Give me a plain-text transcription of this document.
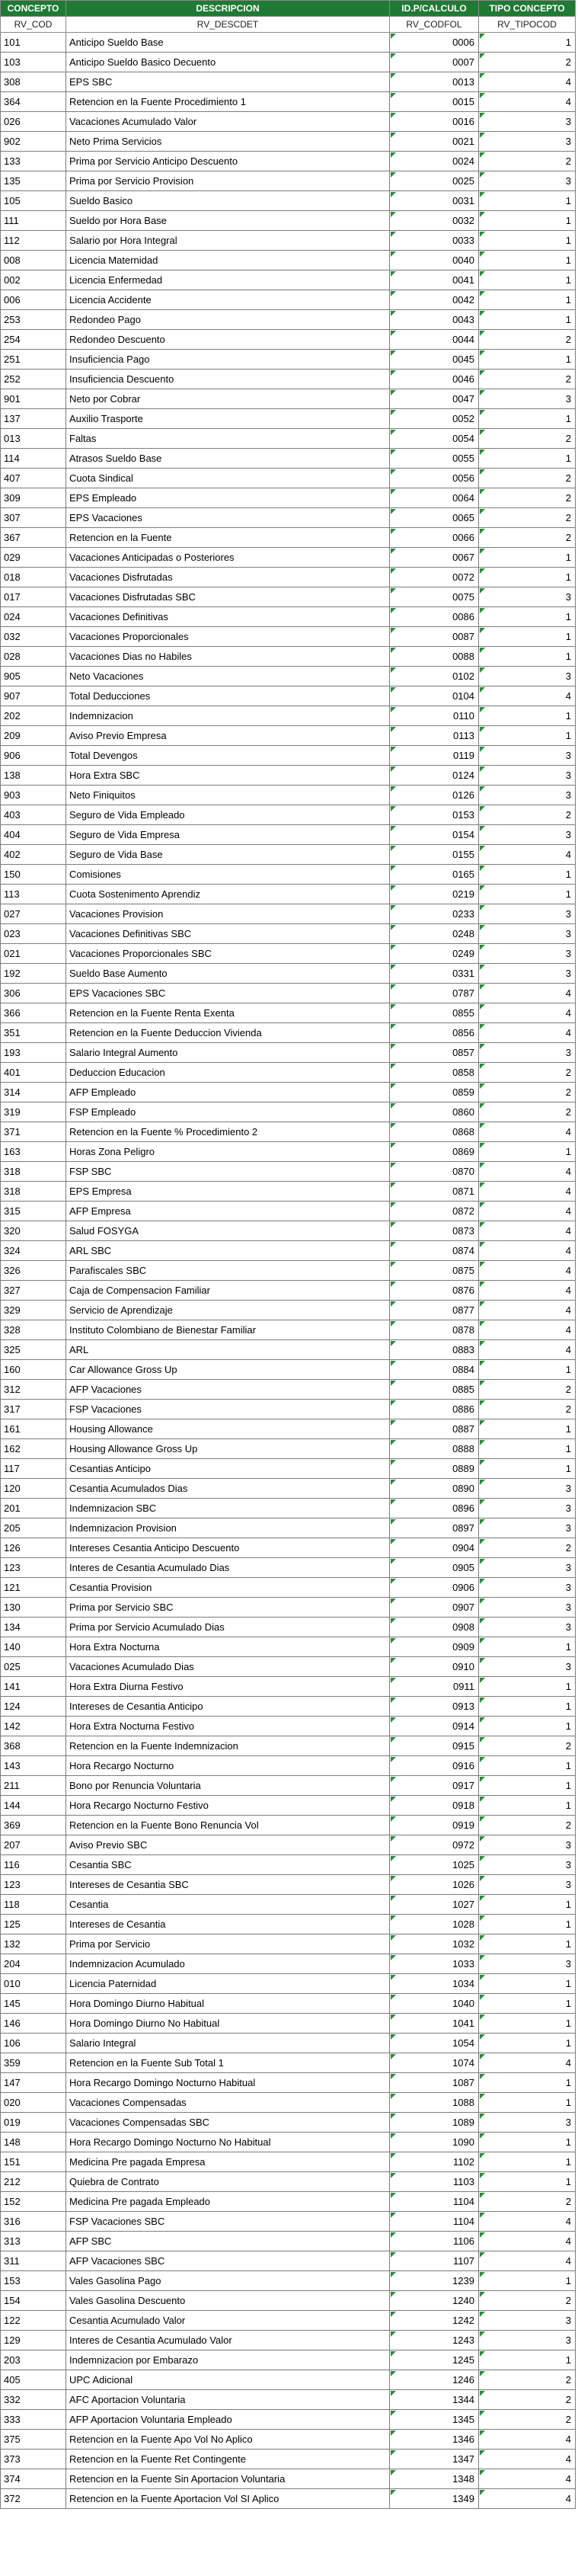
CONCEPTO	DESCRIPCION	ID.P/CALCULO	TIPO CONCEPTO
RV_COD	RV_DESCDET	RV_CODFOL	RV_TIPOCOD
101	Anticipo Sueldo Base	0006	1
103	Anticipo Sueldo Basico Decuento	0007	2
308	EPS SBC	0013	4
364	Retencion en la Fuente Procedimiento 1	0015	4
026	Vacaciones Acumulado Valor	0016	3
902	Neto Prima Servicios	0021	3
133	Prima por Servicio Anticipo Descuento	0024	2
135	Prima por Servicio Provision	0025	3
105	Sueldo Basico	0031	1
111	Sueldo por Hora Base	0032	1
112	Salario por Hora Integral	0033	1
008	Licencia Maternidad	0040	1
002	Licencia Enfermedad	0041	1
006	Licencia Accidente	0042	1
253	Redondeo Pago	0043	1
254	Redondeo Descuento	0044	2
251	Insuficiencia Pago	0045	1
252	Insuficiencia Descuento	0046	2
901	Neto por Cobrar	0047	3
137	Auxilio Trasporte	0052	1
013	Faltas	0054	2
114	Atrasos Sueldo Base	0055	1
407	Cuota Sindical	0056	2
309	EPS Empleado	0064	2
307	EPS Vacaciones	0065	2
367	Retencion en la Fuente	0066	2
029	Vacaciones Anticipadas o Posteriores	0067	1
018	Vacaciones Disfrutadas	0072	1
017	Vacaciones Disfrutadas SBC	0075	3
024	Vacaciones Definitivas	0086	1
032	Vacaciones Proporcionales	0087	1
028	Vacaciones Dias no Habiles	0088	1
905	Neto Vacaciones	0102	3
907	Total Deducciones	0104	4
202	Indemnizacion	0110	1
209	Aviso Previo Empresa	0113	1
906	Total Devengos	0119	3
138	Hora Extra SBC	0124	3
903	Neto Finiquitos	0126	3
403	Seguro de Vida Empleado	0153	2
404	Seguro de Vida Empresa	0154	3
402	Seguro de Vida Base	0155	4
150	Comisiones	0165	1
113	Cuota Sostenimento Aprendiz	0219	1
027	Vacaciones Provision	0233	3
023	Vacaciones Definitivas SBC	0248	3
021	Vacaciones Proporcionales SBC	0249	3
192	Sueldo Base Aumento	0331	3
306	EPS Vacaciones SBC	0787	4
366	Retencion en la Fuente Renta Exenta	0855	4
351	Retencion en la Fuente Deduccion Vivienda	0856	4
193	Salario Integral Aumento	0857	3
401	Deduccion Educacion	0858	2
314	AFP Empleado	0859	2
319	FSP Empleado	0860	2
371	Retencion en la Fuente % Procedimiento 2	0868	4
163	Horas Zona Peligro	0869	1
318	FSP SBC	0870	4
318	EPS Empresa	0871	4
315	AFP Empresa	0872	4
320	Salud FOSYGA	0873	4
324	ARL SBC	0874	4
326	Parafiscales SBC	0875	4
327	Caja de Compensacion Familiar	0876	4
329	Servicio de Aprendizaje	0877	4
328	Instituto Colombiano de Bienestar Familiar	0878	4
325	ARL	0883	4
160	Car Allowance Gross Up	0884	1
312	AFP Vacaciones	0885	2
317	FSP Vacaciones	0886	2
161	Housing Allowance	0887	1
162	Housing Allowance Gross Up	0888	1
117	Cesantias Anticipo	0889	1
120	Cesantia Acumulados Dias	0890	3
201	Indemnizacion SBC	0896	3
205	Indemnizacion Provision	0897	3
126	Intereses Cesantia Anticipo Descuento	0904	2
123	Interes de Cesantia Acumulado Dias	0905	3
121	Cesantia Provision	0906	3
130	Prima por Servicio SBC	0907	3
134	Prima por Servicio Acumulado Dias	0908	3
140	Hora Extra Nocturna	0909	1
025	Vacaciones Acumulado Dias	0910	3
141	Hora Extra Diurna Festivo	0911	1
124	Intereses de Cesantia Anticipo	0913	1
142	Hora Extra Nocturna Festivo	0914	1
368	Retencion en la Fuente Indemnizacion	0915	2
143	Hora Recargo Nocturno	0916	1
211	Bono por Renuncia Voluntaria	0917	1
144	Hora Recargo Nocturno Festivo	0918	1
369	Retencion en la Fuente Bono Renuncia Vol	0919	2
207	Aviso Previo SBC	0972	3
116	Cesantia SBC	1025	3
123	Intereses de Cesantia SBC	1026	3
118	Cesantia	1027	1
125	Intereses de Cesantia	1028	1
132	Prima por Servicio	1032	1
204	Indemnizacion Acumulado	1033	3
010	Licencia Paternidad	1034	1
145	Hora Domingo Diurno Habitual	1040	1
146	Hora Domingo Diurno No Habitual	1041	1
106	Salario Integral	1054	1
359	Retencion en la Fuente Sub Total 1	1074	4
147	Hora Recargo Domingo Nocturno Habitual	1087	1
020	Vacaciones Compensadas	1088	1
019	Vacaciones Compensadas SBC	1089	3
148	Hora Recargo Domingo Nocturno No Habitual	1090	1
151	Medicina Pre pagada Empresa	1102	1
212	Quiebra de Contrato	1103	1
152	Medicina Pre pagada Empleado	1104	2
316	FSP Vacaciones SBC	1104	4
313	AFP SBC	1106	4
311	AFP Vacaciones SBC	1107	4
153	Vales Gasolina Pago	1239	1
154	Vales Gasolina Descuento	1240	2
122	Cesantia Acumulado Valor	1242	3
129	Interes de Cesantia Acumulado Valor	1243	3
203	Indemnizacion por Embarazo	1245	1
405	UPC Adicional	1246	2
332	AFC Aportacion Voluntaria	1344	2
333	AFP Aportacion Voluntaria Empleado	1345	2
375	Retencion en la Fuente Apo Vol No Aplico	1346	4
373	Retencion en la Fuente Ret Contingente	1347	4
374	Retencion en la Fuente Sin Aportacion Voluntaria	1348	4
372	Retencion en la Fuente Aportacion Vol SI Aplico	1349	4
